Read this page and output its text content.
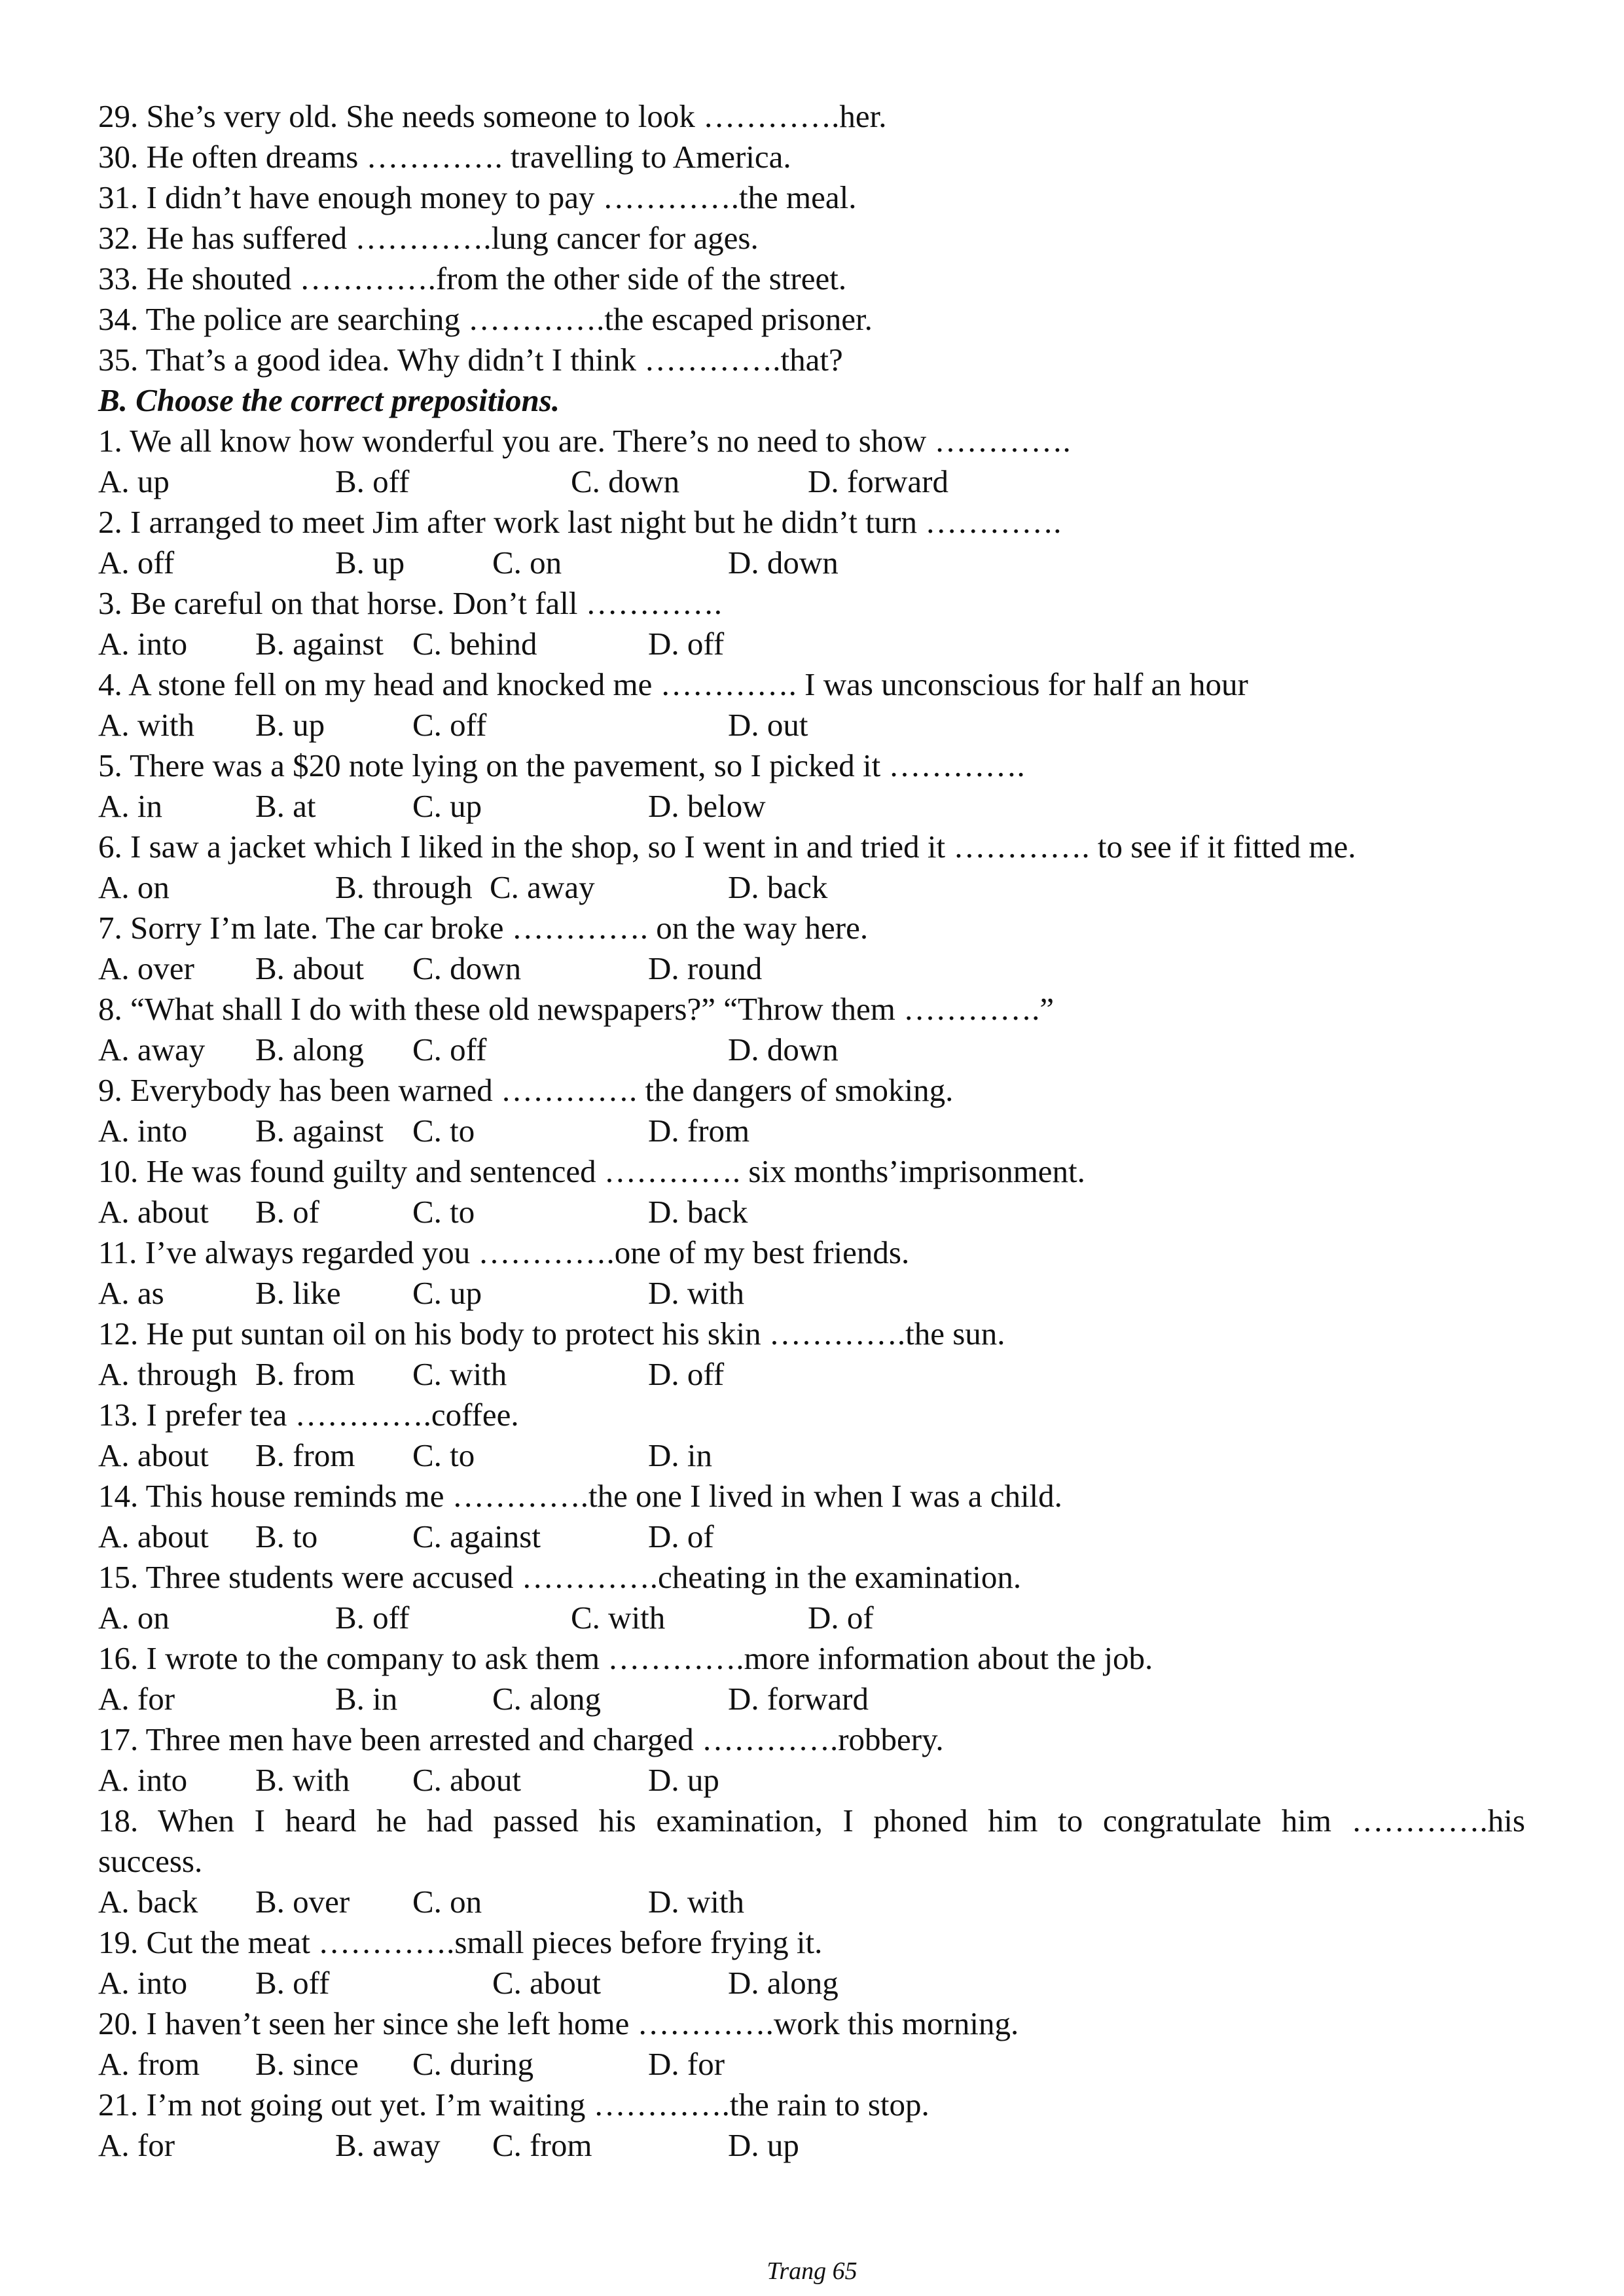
29. She’s very old. She needs someone to look ………….her.
30. He often dreams …………. travelling to America.
31. I didn’t have enough money to pay ………….the meal.
32. He has suffered ………….lung cancer for ages.
33. He shouted ………….from the other side of the street.
34. The police are searching ………….the escaped prisoner.
35. That’s a good idea. Why didn’t I think ………….that?
B. Choose the correct prepositions.
1. We all know how wonderful you are. There’s no need to show ………….
A. up	B. off	C. down	D. forward
2. I arranged to meet Jim after work last night but he didn’t turn ………….
A. off	B. up	C. on	D. down
3. Be careful on that horse. Don’t fall ………….
A. into B. against C. behind	D. off
4. A stone fell on my head and knocked me …………. I was unconscious for half an hour
A. with B. up	C. off	D. out
5. There was a $20 note lying on the pavement, so I picked it ………….
A. in	B. at	C. up	D. below
6. I saw a jacket which I liked in the shop, so I went in and tried it …………. to see if it fitted me.
A. on	B. through C. away	D. back
7. Sorry I’m late. The car broke …………. on the way here.
A. over B. about C. down	D. round
8. “What shall I do with these old newspapers?” “Throw them ………….”
A. away B. along C. off	D. down
9. Everybody has been warned …………. the dangers of smoking.
A. into B. against C. to	D. from
10. He was found guilty and sentenced …………. six months’imprisonment.
A. about B. of	C. to	D. back
11. I’ve always regarded you ………….one of my best friends.
A. as	B. like C. up	D. with
12. He put suntan oil on his body to protect his skin ………….the sun.
A. through B. from C. with	D. off
13. I prefer tea ………….coffee.
A. about B. from C. to	D. in
14. This house reminds me ………….the one I lived in when I was a child.
A. about B. to	C. against	D. of
15. Three students were accused ………….cheating in the examination.
A. on	B. off	C. with	D. of
16. I wrote to the company to ask them ………….more information about the job.
A. for	B. in	C. along	D. forward
17. Three men have been arrested and charged ………….robbery.
A. into B. with C. about	D. up
18. When I heard he had passed his examination, I phoned him to congratulate him ………….his
success.
A. back B. over C. on	D. with
19. Cut the meat ………….small pieces before frying it.
A. into B. off	C. about	D. along
20. I haven’t seen her since she left home ………….work this morning.
A. from B. since C. during	D. for
21. I’m not going out yet. I’m waiting ………….the rain to stop.
A. for	B. away C. from	D. up
Trang 65
